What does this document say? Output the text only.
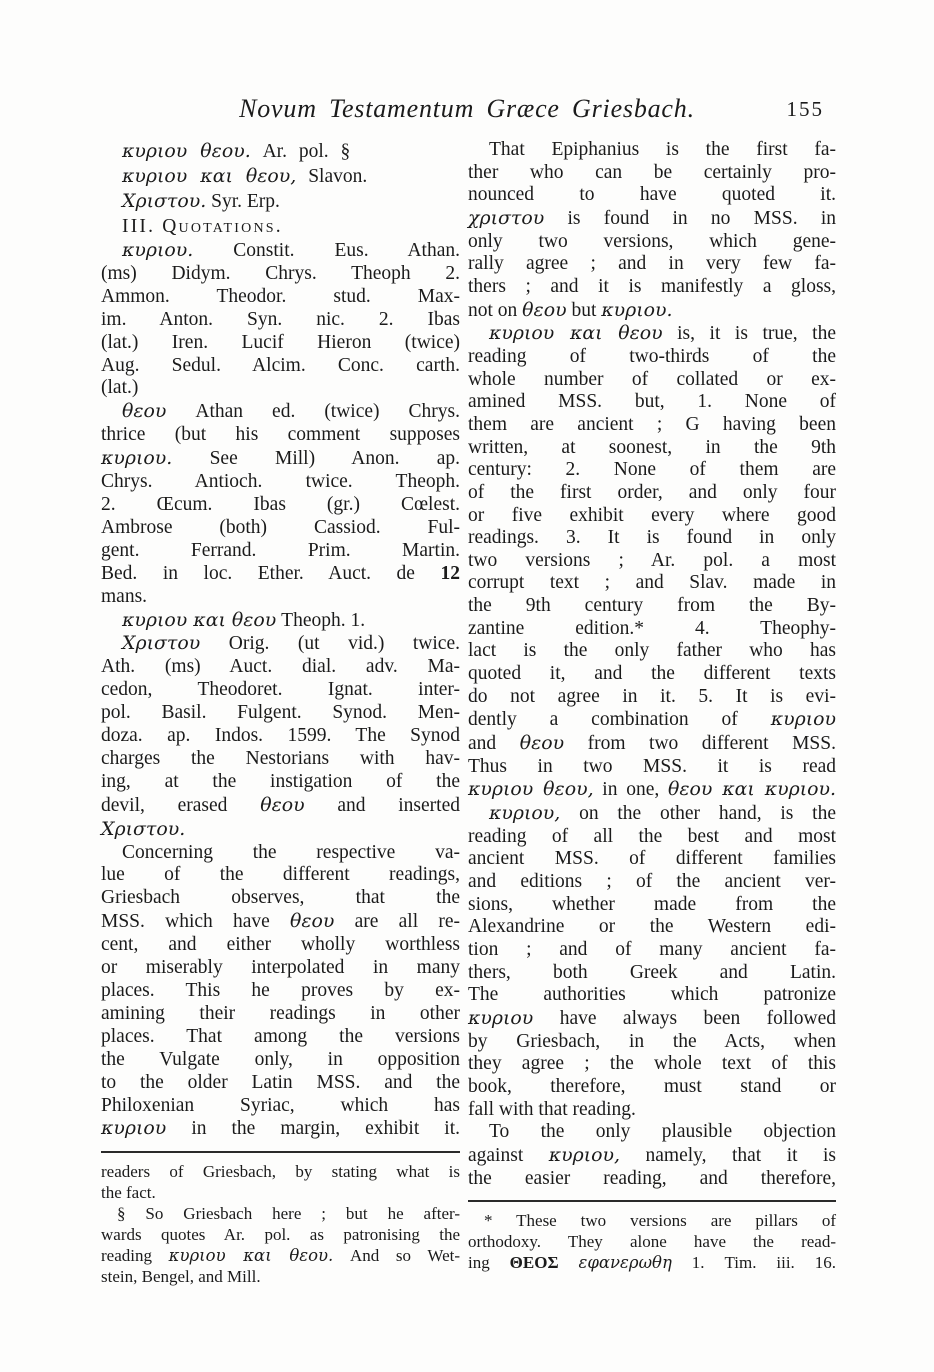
Novum Testamentum Græce Griesbach.	155
κυριου θεου. Ar. pol. §
κυριου και θεου, Slavon.
Χριστου. Syr. Erp.
III. Quotations.
κυριου. Constit. Eus. Athan.
(ms) Didym. Chrys. Theoph 2.
Ammon. Theodor. stud. Max-
im. Anton. Syn. nic. 2. Ibas
(lat.) Iren. Lucif Hieron (twice)
Aug. Sedul. Alcim. Conc. carth.
(lat.)
θεου Athan ed. (twice) Chrys.
thrice (but his comment supposes
κυριου. See Mill) Anon. ap.
Chrys. Antioch. twice. Theoph.
2. Œcum. Ibas (gr.) Cœlest.
Ambrose (both) Cassiod. Ful-
gent. Ferrand. Prim. Martin.
Bed. in loc. Ether. Auct. de 12
mans.
κυριου και θεου Theoph. 1.
Χριστου Orig. (ut vid.) twice.
Ath. (ms) Auct. dial. adv. Ma-
cedon, Theodoret. Ignat. inter-
pol. Basil. Fulgent. Synod. Men-
doza. ap. Indos. 1599. The Synod
charges the Nestorians with hav-
ing, at the instigation of the
devil, erased θεου and inserted
Χριστου.
Concerning the respective va-
lue of the different readings,
Griesbach observes, that the
MSS. which have θεου are all re-
cent, and either wholly worthless
or miserably interpolated in many
places. This he proves by ex-
amining their readings in other
places. That among the versions
the Vulgate only, in opposition
to the older Latin MSS. and the
Philoxenian Syriac, which has
κυριου in the margin, exhibit it.
readers of Griesbach, by stating what is
the fact.
§ So Griesbach here ; but he after-
wards quotes Ar. pol. as patronising the
reading κυριου και θεου. And so Wet-
stein, Bengel, and Mill.
That Epiphanius is the first fa-
ther who can be certainly pro-
nounced to have quoted it.
χριστου is found in no MSS. in
only two versions, which gene-
rally agree ; and in very few fa-
thers ; and it is manifestly a gloss,
not on θεου but κυριου.
κυριου και θεου is, it is true, the
reading of two-thirds of the
whole number of collated or ex-
amined MSS. but, 1. None of
them are ancient ; G having been
written, at soonest, in the 9th
century: 2. None of them are
of the first order, and only four
or five exhibit every where good
readings. 3. It is found in only
two versions ; Ar. pol. a most
corrupt text ; and Slav. made in
the 9th century from the By-
zantine edition.* 4. Theophy-
lact is the only father who has
quoted it, and the different texts
do not agree in it. 5. It is evi-
dently a combination of κυριου
and θεου from two different MSS.
Thus in two MSS. it is read
κυριου θεου, in one, θεου και κυριου.
κυριου, on the other hand, is the
reading of all the best and most
ancient MSS. of different families
and editions ; of the ancient ver-
sions, whether made from the
Alexandrine or the Western edi-
tion ; and of many ancient fa-
thers, both Greek and Latin.
The authorities which patronize
κυριου have always been followed
by Griesbach, in the Acts, when
they agree ; the whole text of this
book, therefore, must stand or
fall with that reading.
To the only plausible objection
against κυριου, namely, that it is
the easier reading, and therefore,
* These two versions are pillars of
orthodoxy. They alone have the read-
ing ΘΕΟΣ εφανερωθη 1. Tim. iii. 16.
